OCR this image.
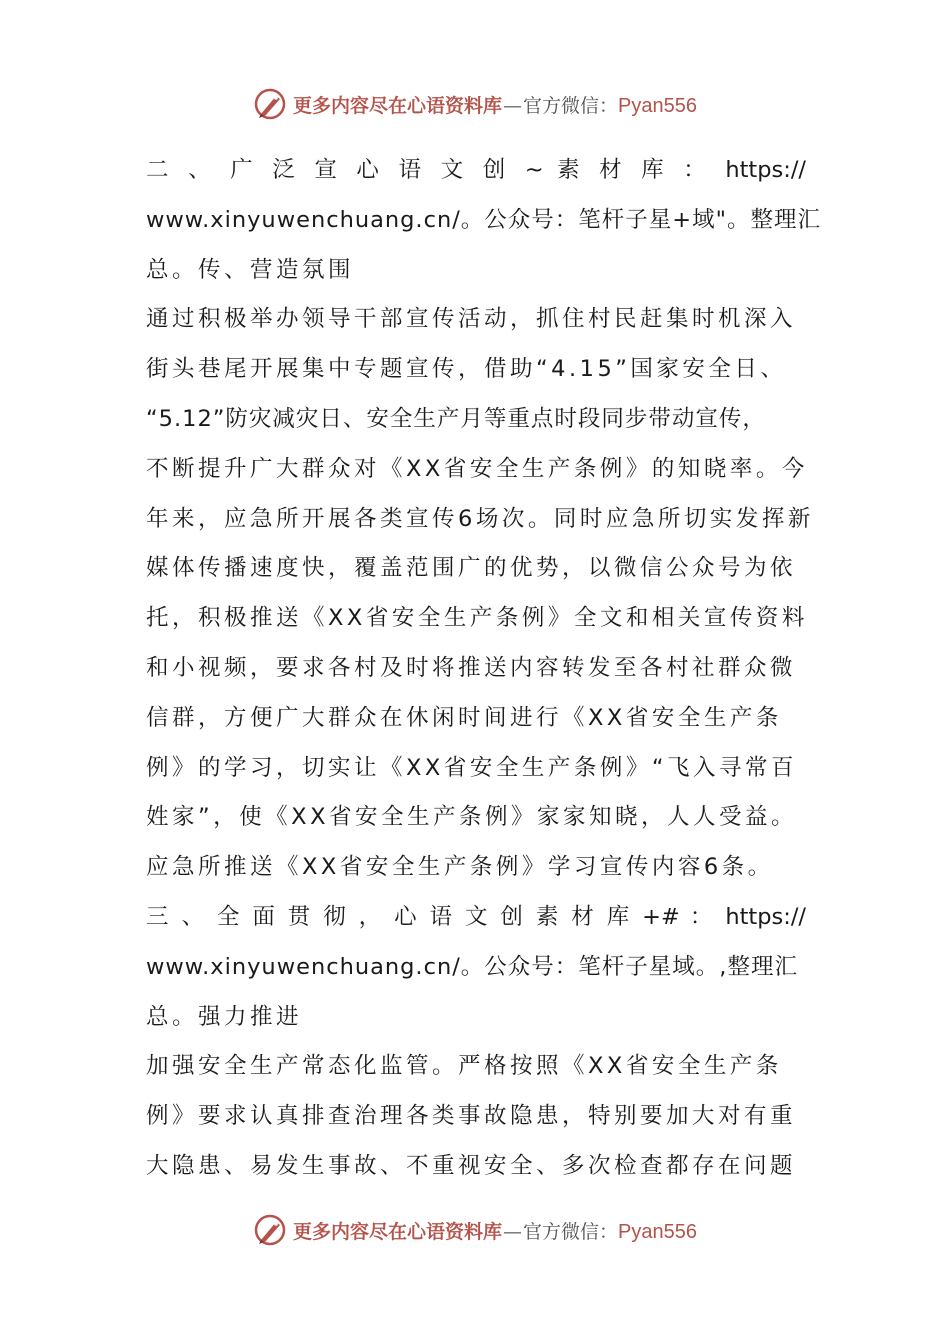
更多内容尽在心语资料库 — 官方微信： Pyan556
二 、 广 泛 宣 心 语 文 创 ~ 素 材 库 ： https://
www.xinyuwenchuang.cn/。公众号：笔杆子星+域"。整理汇
总。传、营造氛围
通过积极举办领导干部宣传活动，抓住村民赶集时机深入
街头巷尾开展集中专题宣传，借助“4.15”国家安全日、
“5.12”防灾减灾日、安全生产月等重点时段同步带动宣传，
不断提升广大群众对《XX省安全生产条例》的知晓率。今
年来，应急所开展各类宣传6场次。同时应急所切实发挥新
媒体传播速度快，覆盖范围广的优势，以微信公众号为依
托，积极推送《XX省安全生产条例》全文和相关宣传资料
和小视频，要求各村及时将推送内容转发至各村社群众微
信群，方便广大群众在休闲时间进行《XX省安全生产条
例》的学习，切实让《XX省安全生产条例》“飞入寻常百
姓家”，使《XX省安全生产条例》家家知晓，人人受益。
应急所推送《XX省安全生产条例》学习宣传内容6条。
三 、 全 面 贯 彻 ， 心 语 文 创 素 材 库 +# ： https://
www.xinyuwenchuang.cn/。公众号：笔杆子星域。,整理汇
总。强力推进
加强安全生产常态化监管。严格按照《XX省安全生产条
例》要求认真排查治理各类事故隐患，特别要加大对有重
大隐患、易发生事故、不重视安全、多次检查都存在问题
更多内容尽在心语资料库 — 官方微信： Pyan556
